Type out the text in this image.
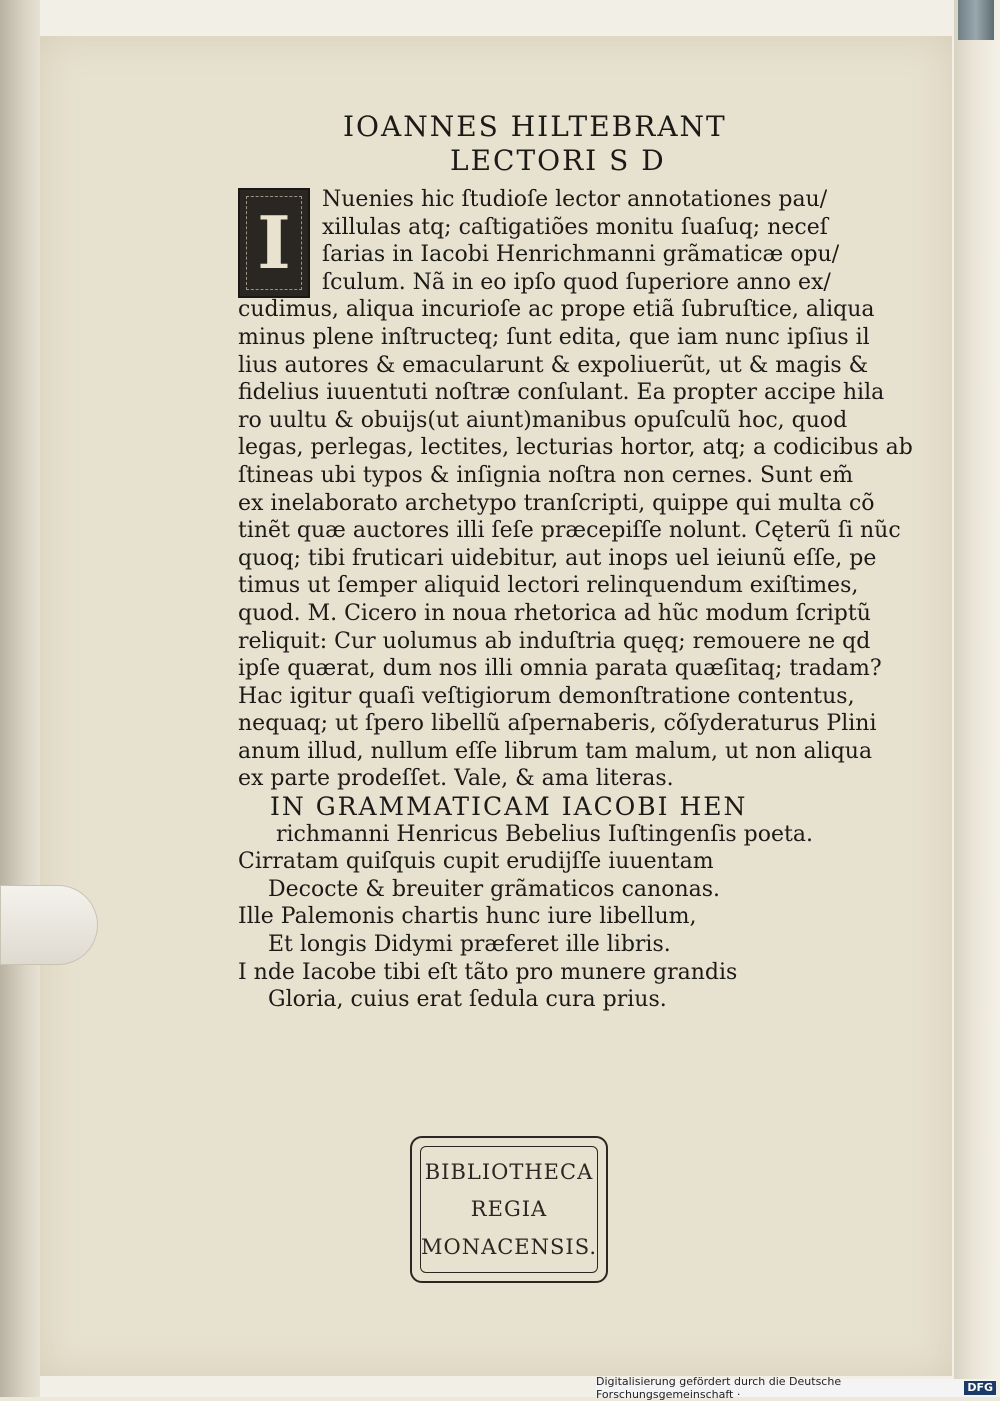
IOANNES HILTEBRANT

LECTORI S D

I
Nuenies hic ſtudioſe lector annotationes pau/
xillulas atq; caſtigatiões monitu ſuaſuq; neceſ
ſarias in Iacobi Henrichmanni grãmaticæ opu/
ſculum. Nã in eo ipſo quod ſuperiore anno ex/
cudimus, aliqua incurioſe ac prope etiã ſubruſtice, aliqua
minus plene inſtructeq; ſunt edita, que iam nunc ipſius il
lius autores & emacularunt & expoliuerũt, ut & magis &
fidelius iuuentuti noſtræ conſulant. Ea propter accipe hila
ro uultu & obuijs(ut aiunt)manibus opuſculũ hoc, quod
legas, perlegas, lectites, lecturias hortor, atq; a codicibus ab
ſtineas ubi typos & inſignia noſtra non cernes. Sunt em̃
ex inelaborato archetypo tranſcripti, quippe qui multa cõ
tinẽt quæ auctores illi ſeſe præcepiſſe nolunt. Cęterũ ſi nũc
quoq; tibi fruticari uidebitur, aut inops uel ieiunũ eſſe, pe
timus ut ſemper aliquid lectori relinquendum exiſtimes,
quod. M. Cicero in noua rhetorica ad hũc modum ſcriptũ
reliquit: Cur uolumus ab induſtria quęq; remouere ne qd
ipſe quærat, dum nos illi omnia parata quæſitaq; tradam?
Hac igitur quaſi veſtigiorum demonſtratione contentus,
nequaq; ut ſpero libellũ aſpernaberis, cõſyderaturus Plini
anum illud, nullum eſſe librum tam malum, ut non aliqua
ex parte prodeſſet. Vale, & ama literas.
IN GRAMMATICAM IACOBI HEN
richmanni Henricus Bebelius Iuſtingenſis poeta.
Cirratam quiſquis cupit erudijſſe iuuentam
Decocte & breuiter grãmaticos canonas.
Ille Palemonis chartis hunc iure libellum,
Et longis Didymi præferet ille libris.
I nde Iacobe tibi eſt tãto pro munere grandis
Gloria, cuius erat ſedula cura prius.
BIBLIOTHECA
REGIA
MONACENSIS.
Digitalisierung gefördert durch die Deutsche Forschungsgemeinschaft ·
DFG
